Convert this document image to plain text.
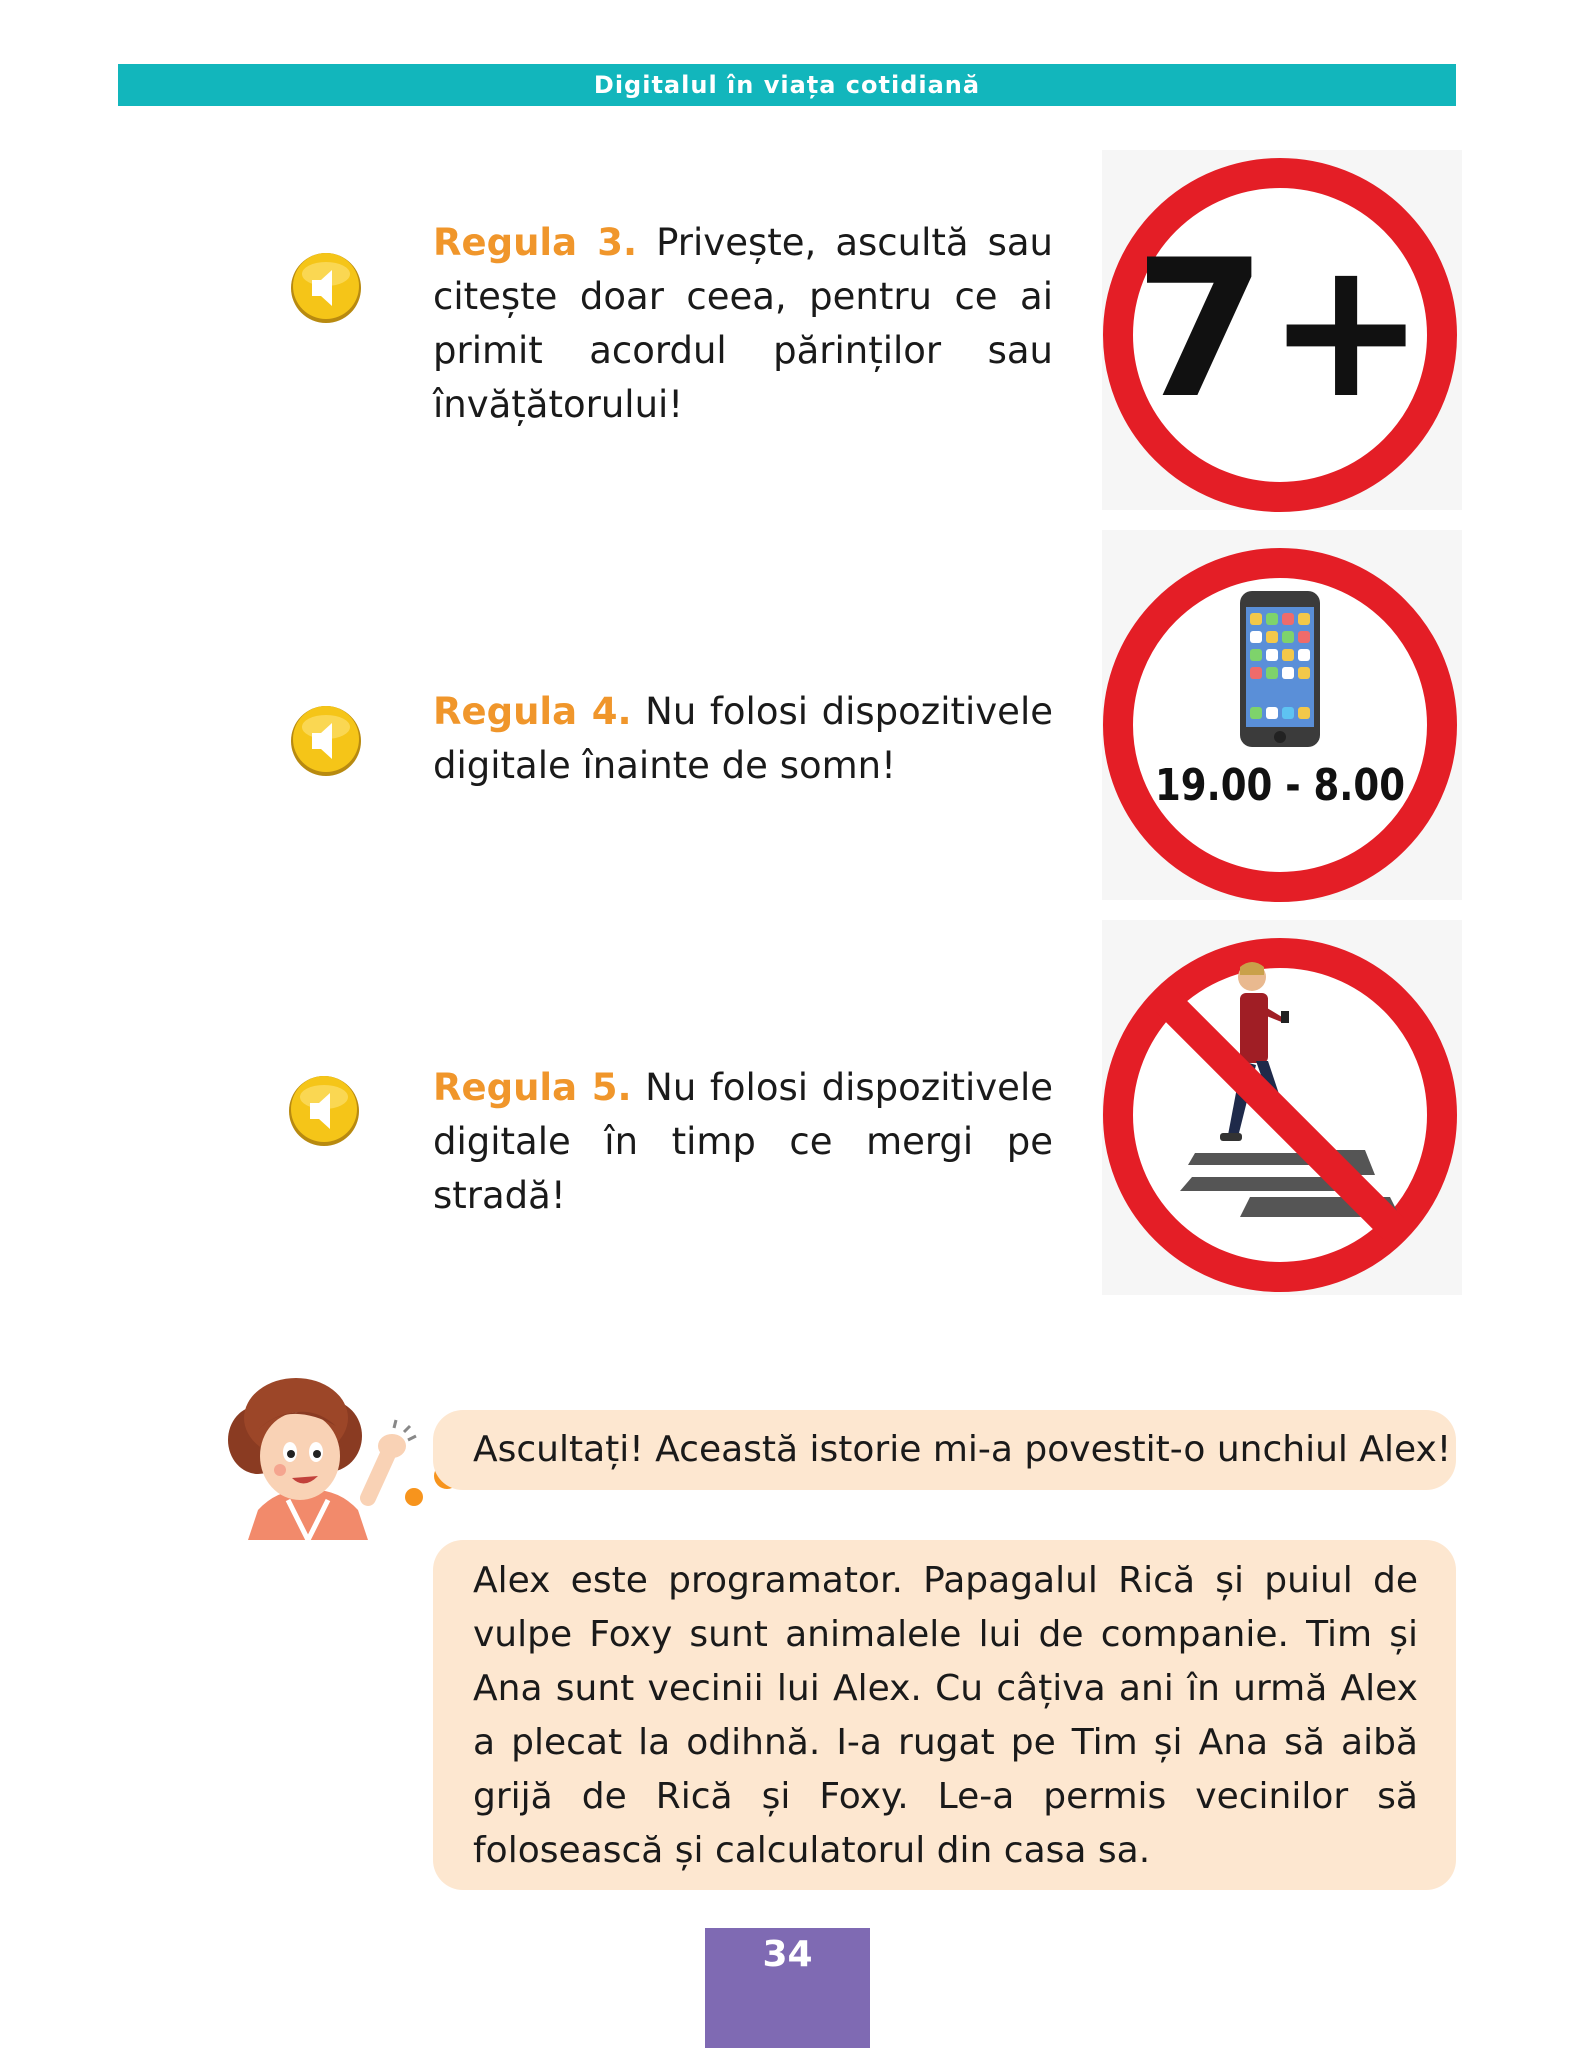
Digitalul în viața cotidiană
Regula 3. Privește, ascultă sau citește doar ceea, pentru ce ai primit acordul părinților sau învățătorului!	7+
Regula 4. Nu folosi dispozitivele digitale înainte de somn!	19.00 - 8.00
Regula 5. Nu folosi dispozitivele digitale în timp ce mergi pe stradă!
Ascultați! Această istorie mi-a povestit-o unchiul Alex!
Alex este programator. Papagalul Rică și puiul de vulpe Foxy sunt animalele lui de companie. Tim și Ana sunt vecinii lui Alex. Cu câțiva ani în urmă Alex a plecat la odihnă. I-a rugat pe Tim și Ana să aibă grijă de Rică și Foxy. Le-a permis vecinilor să folosească și calculatorul din casa sa.
34
